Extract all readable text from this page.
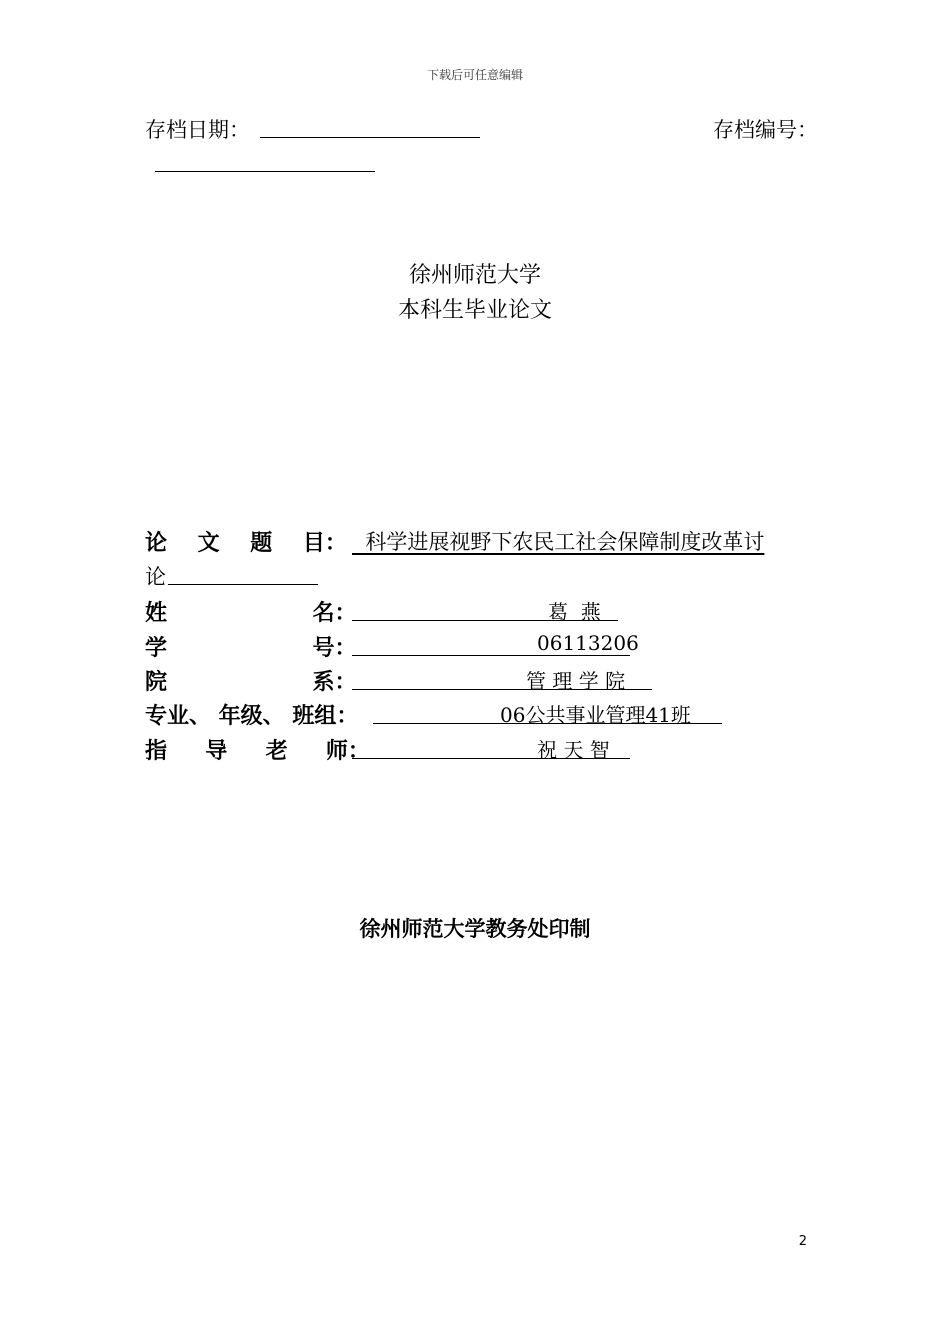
下载后可任意编辑
存档日期：	存档编号：
徐州师范大学
本科生毕业论文
论    文    题    目： 科学进展视野下农民工社会保障制度改革讨
论
姓                   名：	葛  燕
学                   号：	06113206
院                   系：	管 理 学 院
专业、 年级、 班组：	06公共事业管理41班
指     导     老     师：	祝 天 智
徐州师范大学教务处印制
2
